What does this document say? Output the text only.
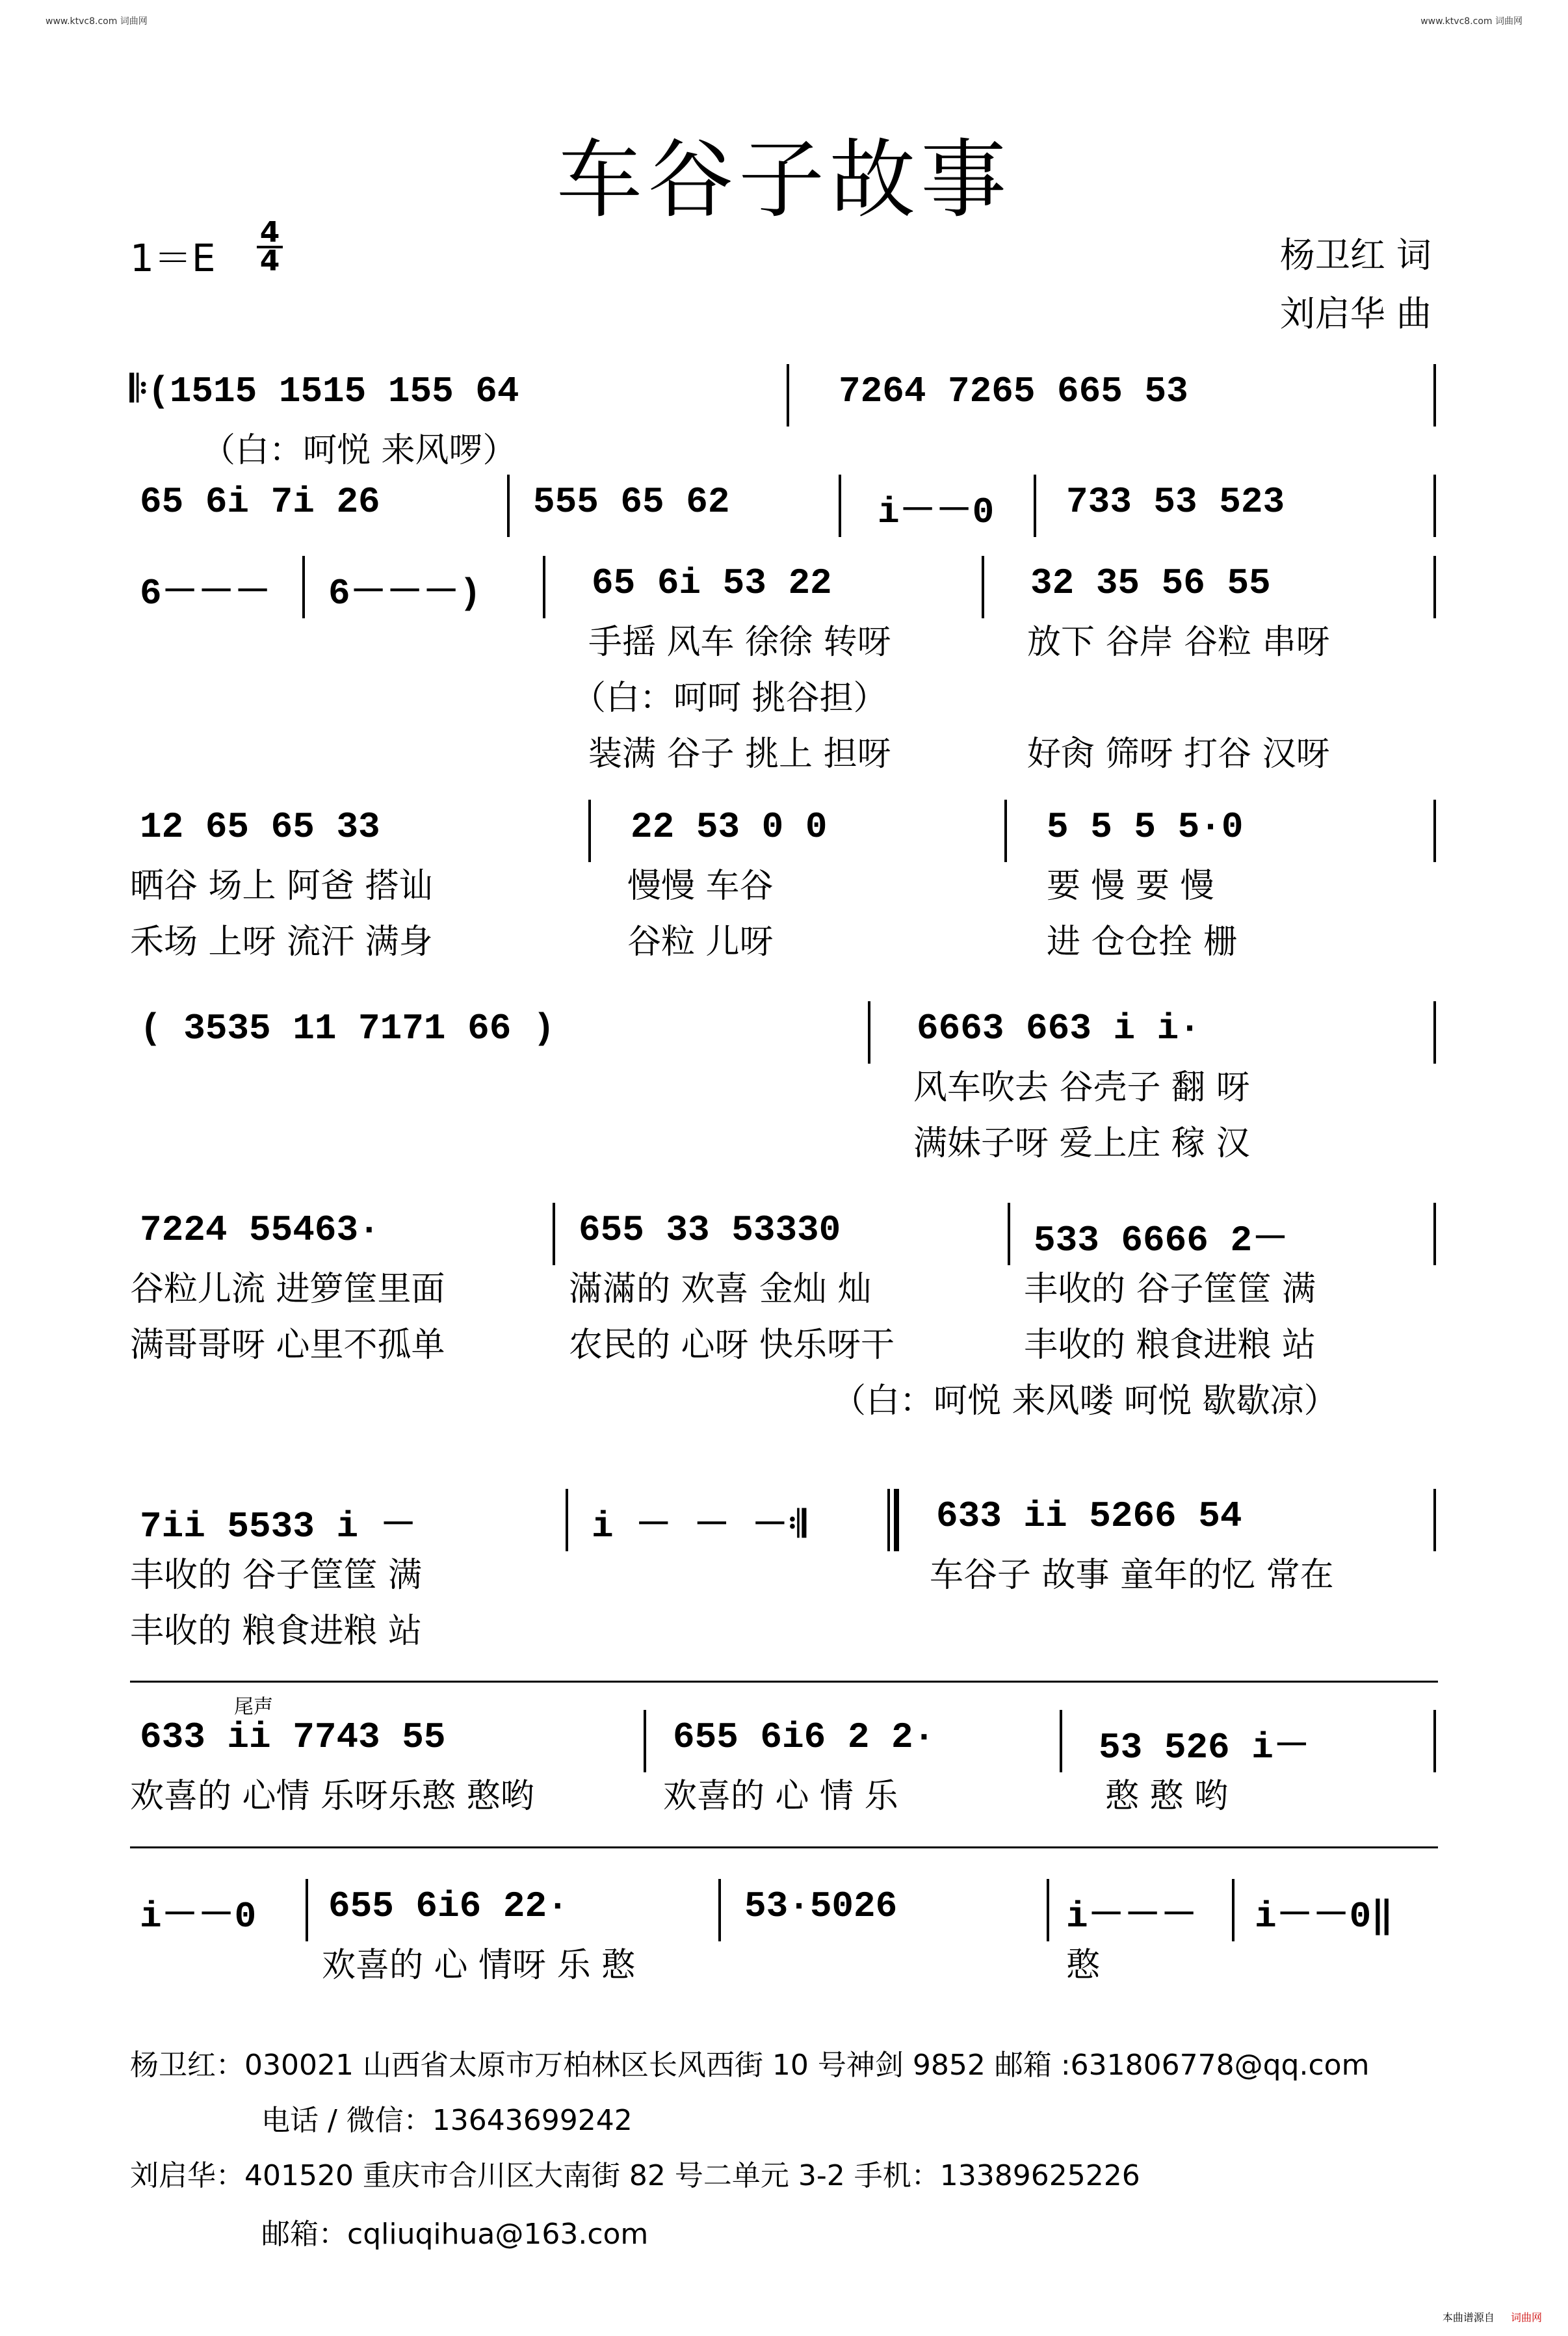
www.ktvc8.com 词曲网	www.ktvc8.com 词曲网
车谷子故事
1＝E
4
4	杨卫红 词
刘启华 曲
𝄆(1515 1515 155 64	7264 7265 665 53
（白：呵悦 来风啰）
65 6i 7i 26	555 65 62	i－－0 733 53 523
6－－－ 6－－－)	65 6i 53 22	32 35 56 55
手摇 风车 徐徐 转呀	放下 谷岸 谷粒 串呀
（白：呵呵 挑谷担）
装满 谷子 挑上 担呀	好肏 筛呀 打谷 汉呀
12 65 65 33	22 53 0 0	5 5 5 5·0
晒谷 场上 阿爸 搭讪	慢慢 车谷	要 慢 要 慢
禾场 上呀 流汗 满身	谷粒 儿呀	进 仓仓拴 栅
( 3535 11 7171 66 )	6663 663 i i·
风车吹去 谷壳子 翻 呀
满妹子呀 爱上庄 稼 汉
7224 55463·	655 33 53330	533 6666 2－
谷粒儿流 进箩筐里面	滿滿的 欢喜 金灿 灿	丰收的 谷子筐筐 满
满哥哥呀 心里不孤单	农民的 心呀 快乐呀干	丰收的 粮食进粮 站
（白：呵悦 来风喽 呵悦 歇歇凉）
7ii 5533 i －	i － － －𝄇	633 ii 5266 54
丰收的 谷子筐筐 满	车谷子 故事 童年的忆 常在
丰收的 粮食进粮 站
尾声
633 ii 7743 55	655 6i6 2 2·	53 526 i－
欢喜的 心情 乐呀乐憨 憨哟	欢喜的 心 情 乐	憨 憨 哟
i－－0 655 6i6 22·	53·5026	i－－－ i－－0‖
欢喜的 心 情呀 乐 憨	憨
杨卫红：030021 山西省太原市万柏林区长风西街 10 号神剑 9852 邮箱 :631806778@qq.com
电话 / 微信：13643699242
刘启华：401520 重庆市合川区大南街 82 号二单元 3-2 手机：13389625226
邮箱：cqliuqihua@163.com
本曲谱源自 词曲网
